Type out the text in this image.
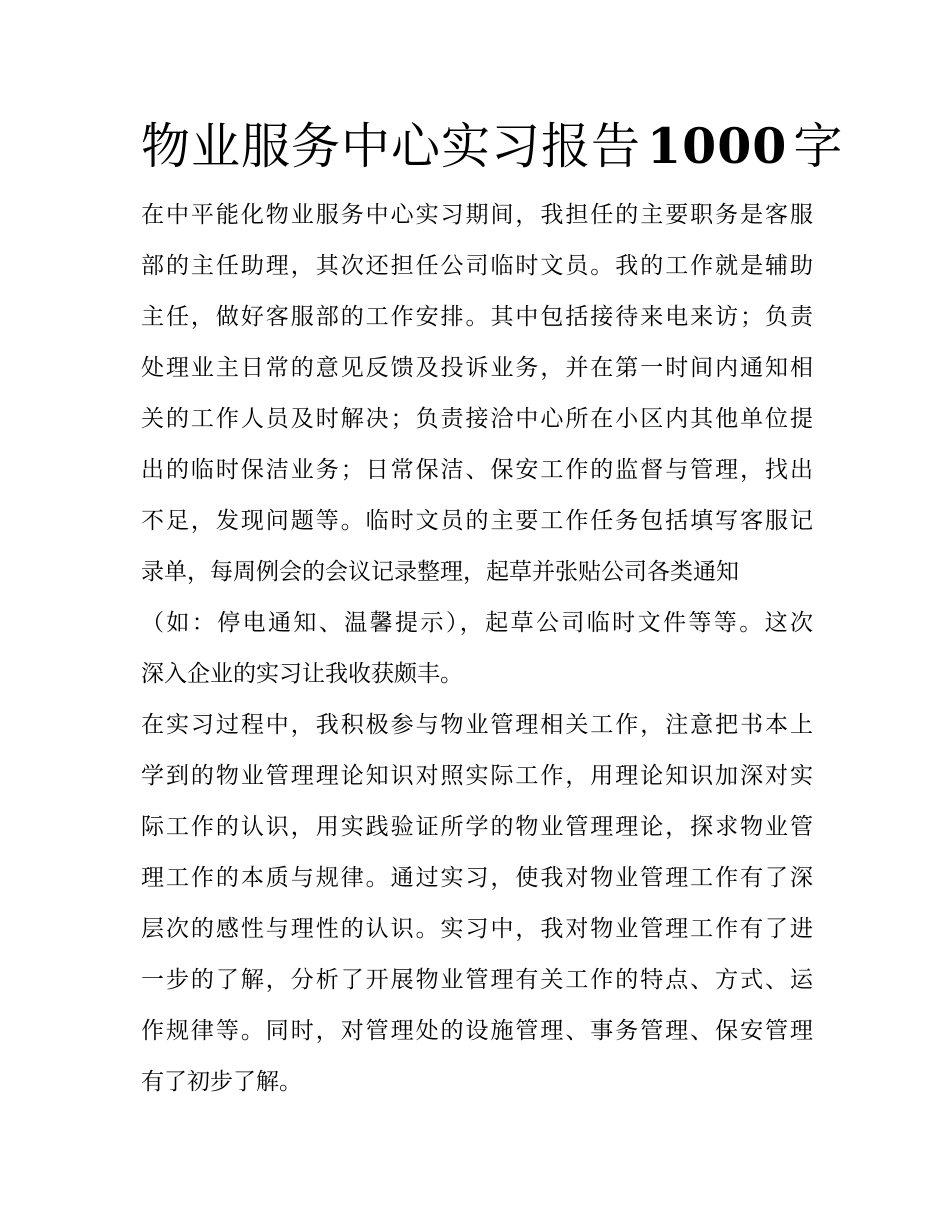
物业服务中心实习报告 1000 字
在中平能化物业服务中心实习期间，我担任的主要职务是客服
部的主任助理，其次还担任公司临时文员。我的工作就是辅助
主任，做好客服部的工作安排。其中包括接待来电来访；负责
处理业主日常的意见反馈及投诉业务，并在第一时间内通知相
关的工作人员及时解决；负责接洽中心所在小区内其他单位提
出的临时保洁业务；日常保洁、保安工作的监督与管理，找出
不足，发现问题等。临时文员的主要工作任务包括填写客服记
录单，每周例会的会议记录整理，起草并张贴公司各类通知
（如：停电通知、温馨提示），起草公司临时文件等等。这次
深入企业的实习让我收获颇丰。
在实习过程中，我积极参与物业管理相关工作，注意把书本上
学到的物业管理理论知识对照实际工作，用理论知识加深对实
际工作的认识，用实践验证所学的物业管理理论，探求物业管
理工作的本质与规律。通过实习，使我对物业管理工作有了深
层次的感性与理性的认识。实习中，我对物业管理工作有了进
一步的了解，分析了开展物业管理有关工作的特点、方式、运
作规律等。同时，对管理处的设施管理、事务管理、保安管理
有了初步了解。
